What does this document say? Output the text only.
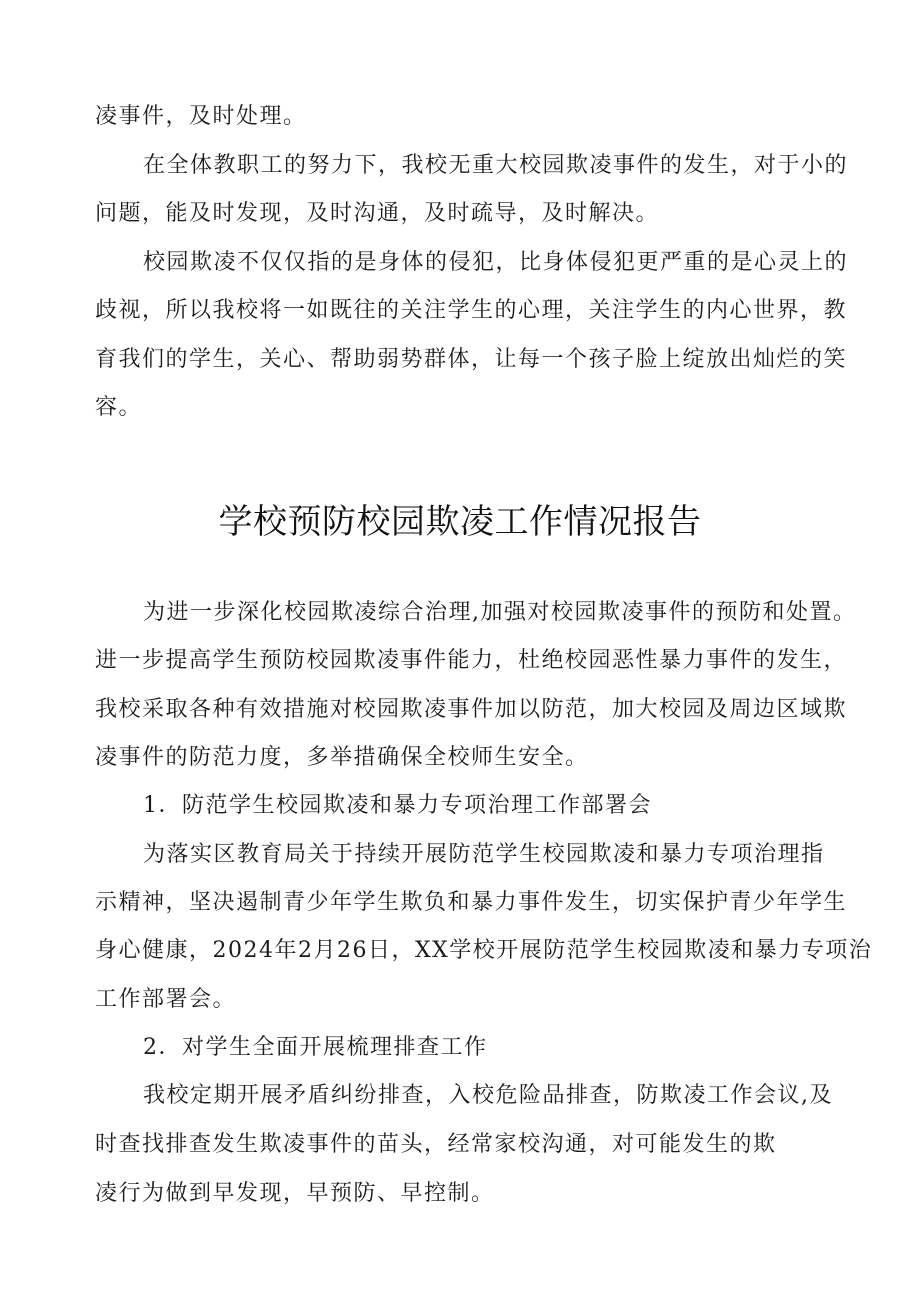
凌事件，及时处理。
在全体教职工的努力下，我校无重大校园欺凌事件的发生，对于小的
问题，能及时发现，及时沟通，及时疏导，及时解决。
校园欺凌不仅仅指的是身体的侵犯，比身体侵犯更严重的是心灵上的
歧视，所以我校将一如既往的关注学生的心理，关注学生的内心世界，教
育我们的学生，关心、帮助弱势群体，让每一个孩子脸上绽放出灿烂的笑
容。
学校预防校园欺凌工作情况报告
为进一步深化校园欺凌综合治理,加强对校园欺凌事件的预防和处置。
进一步提高学生预防校园欺凌事件能力，杜绝校园恶性暴力事件的发生，
我校采取各种有效措施对校园欺凌事件加以防范，加大校园及周边区域欺
凌事件的防范力度，多举措确保全校师生安全。
1．防范学生校园欺凌和暴力专项治理工作部署会
为落实区教育局关于持续开展防范学生校园欺凌和暴力专项治理指
示精神，坚决遏制青少年学生欺负和暴力事件发生，切实保护青少年学生
身心健康，2024年2月26日，XX学校开展防范学生校园欺凌和暴力专项治
工作部署会。
2．对学生全面开展梳理排查工作
我校定期开展矛盾纠纷排查，入校危险品排查，防欺凌工作会议,及
时查找排查发生欺凌事件的苗头，经常家校沟通，对可能发生的欺
凌行为做到早发现，早预防、早控制。
